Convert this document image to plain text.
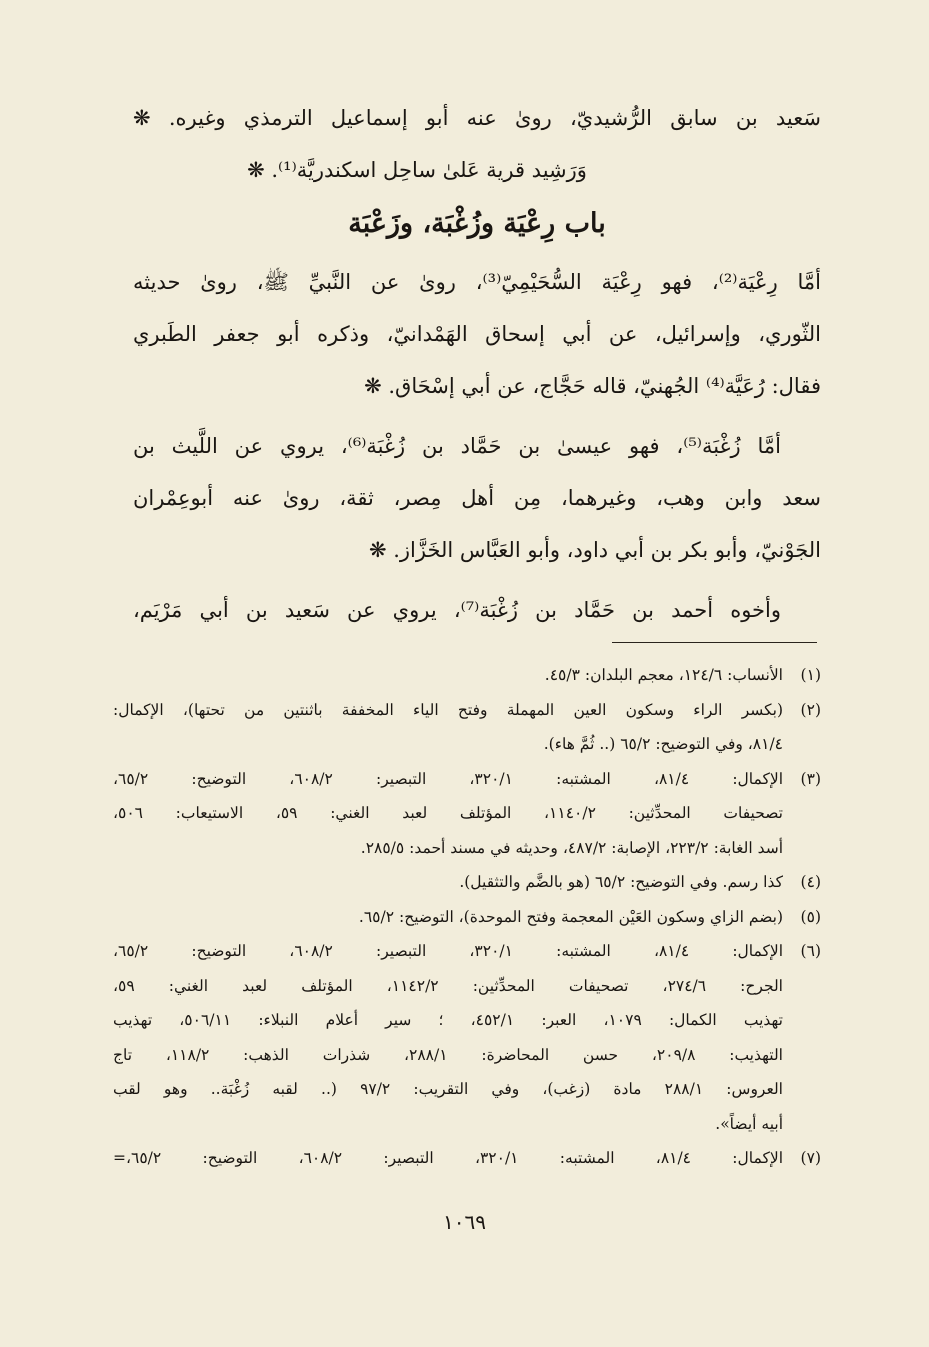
سَعيد بن سابق الرُّشيديّ، روىٰ عنه أبو إسماعيل الترمذي وغيره. ❋
وَرَشِيد قرية عَلىٰ ساحِل اسكندريَّة⁽¹⁾. ❋
باب رِعْيَة وزُغْبَة، وزَعْبَة
أمَّا رِعْيَة⁽²⁾، فهو رِعْيَة السُّحَيْمِيّ⁽³⁾، روىٰ عن النَّبيِّ ﷺ، روىٰ حديثه
الثّوري، وإسرائيل، عن أبي إسحاق الهَمْدانيّ، وذكره أبو جعفر الطَبري
فقال: رُعَيَّة⁽⁴⁾ الجُهنيّ، قاله حَجَّاج، عن أبي إسْحَاق. ❋
أمَّا زُغْبَة⁽⁵⁾، فهو عيسىٰ بن حَمَّاد بن زُغْبَة⁽⁶⁾، يروي عن اللَّيث بن
سعد وابن وهب، وغيرهما، مِن أهل مِصر، ثقة، روىٰ عنه أبوعِمْران
الجَوْنيّ، وأبو بكر بن أبي داود، وأبو العَبَّاس الخَزَّاز. ❋
وأخوه أحمد بن حَمَّاد بن زُغْبَة⁽⁷⁾، يروي عن سَعيد بن أبي مَرْيَم،
(١)
الأنساب: ١٢٤/٦، معجم البلدان: ٤٥/٣.
(٢)
(بكسر الراء وسكون العين المهملة وفتح الياء المخففة باثنتين من تحتها)، الإكمال:
٨١/٤، وفي التوضيح: ٦٥/٢ (.. ثُمَّ هاء).
(٣)
الإكمال: ٨١/٤، المشتبه: ٣٢٠/١، التبصير: ٦٠٨/٢، التوضيح: ٦٥/٢،
تصحيفات المحدِّثين: ١١٤٠/٢، المؤتلف لعبد الغني: ٥٩، الاستيعاب: ٥٠٦،
أسد الغابة: ٢٢٣/٢، الإصابة: ٤٨٧/٢، وحديثه في مسند أحمد: ٢٨٥/٥.
(٤)
كذا رسم. وفي التوضيح: ٦٥/٢ (هو بالضَّم والتثقيل).
(٥)
(بضم الزاي وسكون العَيْن المعجمة وفتح الموحدة)، التوضيح: ٦٥/٢.
(٦)
الإكمال: ٨١/٤، المشتبه: ٣٢٠/١، التبصير: ٦٠٨/٢، التوضيح: ٦٥/٢،
الجرح: ٢٧٤/٦، تصحيفات المحدِّثين: ١١٤٢/٢، المؤتلف لعبد الغني: ٥٩،
تهذيب الكمال: ١٠٧٩، العبر: ٤٥٢/١، ؛ سير أعلام النبلاء: ٥٠٦/١١، تهذيب
التهذيب: ٢٠٩/٨، حسن المحاضرة: ٢٨٨/١، شذرات الذهب: ١١٨/٢، تاج
العروس: ٢٨٨/١ مادة (زغب)، وفي التقريب: ٩٧/٢ (.. لقبه زُغْبَة.. وهو لقب
أبيه أيضاً».
(٧)
الإكمال: ٨١/٤، المشتبه: ٣٢٠/١، التبصير: ٦٠٨/٢، التوضيح: ٦٥/٢،=
١٠٦٩
